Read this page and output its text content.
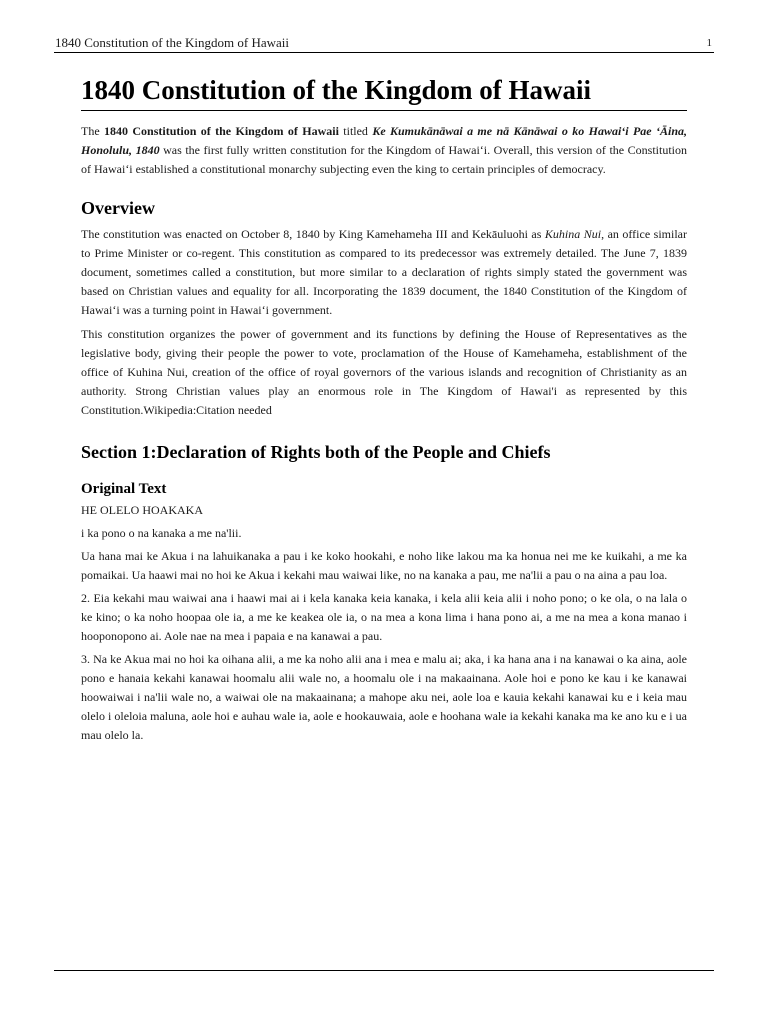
1840 Constitution of the Kingdom of Hawaii	1
1840 Constitution of the Kingdom of Hawaii

The 1840 Constitution of the Kingdom of Hawaii titled Ke Kumukānāwai a me nā Kānāwai o ko Hawaiʻi Pae ʻĀina, Honolulu, 1840 was the first fully written constitution for the Kingdom of Hawaiʻi. Overall, this version of the Constitution of Hawaiʻi established a constitutional monarchy subjecting even the king to certain principles of democracy.

Overview

The constitution was enacted on October 8, 1840 by King Kamehameha III and Kekāuluohi as Kuhina Nui, an office similar to Prime Minister or co-regent. This constitution as compared to its predecessor was extremely detailed. The June 7, 1839 document, sometimes called a constitution, but more similar to a declaration of rights simply stated the government was based on Christian values and equality for all. Incorporating the 1839 document, the 1840 Constitution of the Kingdom of Hawaiʻi was a turning point in Hawaiʻi government.

This constitution organizes the power of government and its functions by defining the House of Representatives as the legislative body, giving their people the power to vote, proclamation of the House of Kamehameha, establishment of the office of Kuhina Nui, creation of the office of royal governors of the various islands and recognition of Christianity as an authority. Strong Christian values play an enormous role in The Kingdom of Hawai'i as represented by this Constitution.Wikipedia:Citation needed

Section 1:Declaration of Rights both of the People and Chiefs
Original Text

HE OLELO HOAKAKA

i ka pono o na kanaka a me na'lii.

Ua hana mai ke Akua i na lahuikanaka a pau i ke koko hookahi, e noho like lakou ma ka honua nei me ke kuikahi, a me ka pomaikai. Ua haawi mai no hoi ke Akua i kekahi mau waiwai like, no na kanaka a pau, me na'lii a pau o na aina a pau loa.

2. Eia kekahi mau waiwai ana i haawi mai ai i kela kanaka keia kanaka, i kela alii keia alii i noho pono; o ke ola, o na lala o ke kino; o ka noho hoopaa ole ia, a me ke keakea ole ia, o na mea a kona lima i hana pono ai, a me na mea a kona manao i hooponopono ai. Aole nae na mea i papaia e na kanawai a pau.

3. Na ke Akua mai no hoi ka oihana alii, a me ka noho alii ana i mea e malu ai; aka, i ka hana ana i na kanawai o ka aina, aole pono e hanaia kekahi kanawai hoomalu alii wale no, a hoomalu ole i na makaainana. Aole hoi e pono ke kau i ke kanawai hoowaiwai i na'lii wale no, a waiwai ole na makaainana; a mahope aku nei, aole loa e kauia kekahi kanawai ku e i keia mau olelo i oleloia maluna, aole hoi e auhau wale ia, aole e hookauwaia, aole e hoohana wale ia kekahi kanaka ma ke ano ku e i ua mau olelo la.
